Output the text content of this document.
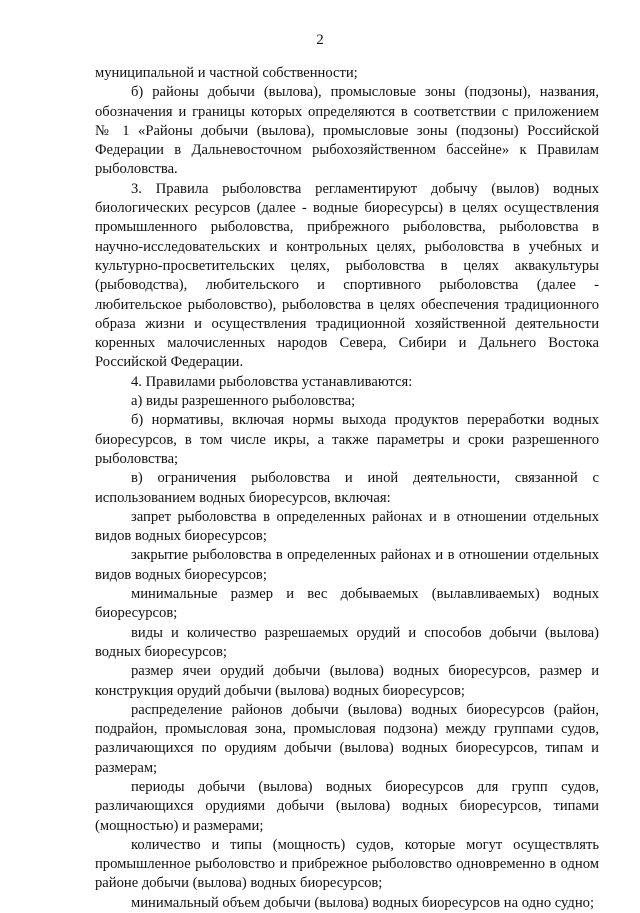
2

муниципальной и частной собственности;

б) районы добычи (вылова), промысловые зоны (подзоны), названия, обозначения и границы которых определяются в соответствии с приложением № 1 «Районы добычи (вылова), промысловые зоны (подзоны) Российской Федерации в Дальневосточном рыбохозяйственном бассейне» к Правилам рыболовства.

3. Правила рыболовства регламентируют добычу (вылов) водных биологических ресурсов (далее - водные биоресурсы) в целях осуществления промышленного рыболовства, прибрежного рыболовства, рыболовства в научно-исследовательских и контрольных целях, рыболовства в учебных и культурно-просветительских целях, рыболовства в целях аквакультуры (рыбоводства), любительского и спортивного рыболовства (далее - любительское рыболовство), рыболовства в целях обеспечения традиционного образа жизни и осуществления традиционной хозяйственной деятельности коренных малочисленных народов Севера, Сибири и Дальнего Востока Российской Федерации.

4. Правилами рыболовства устанавливаются:

а) виды разрешенного рыболовства;

б) нормативы, включая нормы выхода продуктов переработки водных биоресурсов, в том числе икры, а также параметры и сроки разрешенного рыболовства;

в) ограничения рыболовства и иной деятельности, связанной с использованием водных биоресурсов, включая:

запрет рыболовства в определенных районах и в отношении отдельных видов водных биоресурсов;

закрытие рыболовства в определенных районах и в отношении отдельных видов водных биоресурсов;

минимальные размер и вес добываемых (вылавливаемых) водных биоресурсов;

виды и количество разрешаемых орудий и способов добычи (вылова) водных биоресурсов;

размер ячеи орудий добычи (вылова) водных биоресурсов, размер и конструкция орудий добычи (вылова) водных биоресурсов;

распределение районов добычи (вылова) водных биоресурсов (район, подрайон, промысловая зона, промысловая подзона) между группами судов, различающихся по орудиям добычи (вылова) водных биоресурсов, типам и размерам;

периоды добычи (вылова) водных биоресурсов для групп судов, различающихся орудиями добычи (вылова) водных биоресурсов, типами (мощностью) и размерами;

количество и типы (мощность) судов, которые могут осуществлять промышленное рыболовство и прибрежное рыболовство одновременно в одном районе добычи (вылова) водных биоресурсов;

минимальный объем добычи (вылова) водных биоресурсов на одно судно;
